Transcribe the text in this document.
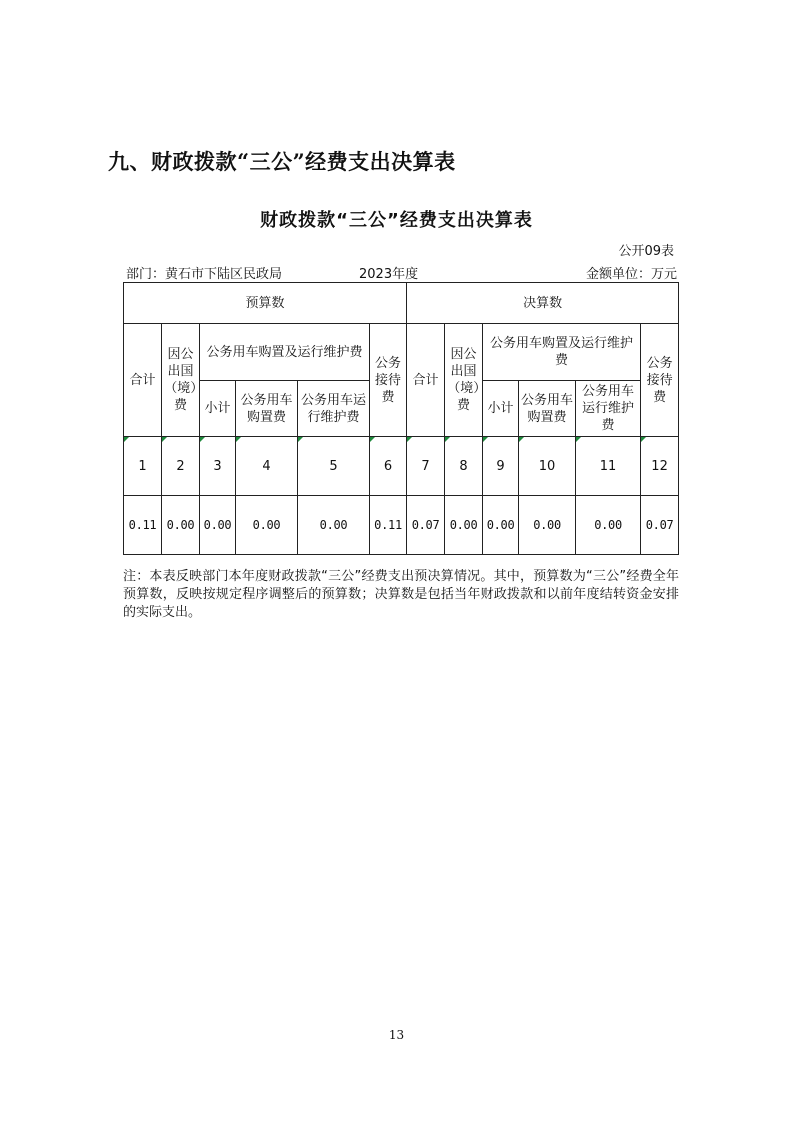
九、财政拨款“三公”经费支出决算表
财政拨款“三公”经费支出决算表
公开09表
部门：黄石市下陆区民政局	2023年度	金额单位：万元
预算数						决算数					
合计	因公出国（境）费	公务用车购置及运行维护费			公务接待费	合计	因公出国（境）费	公务用车购置及运行维护费			公务接待费
		小计	公务用车购置费	公务用车运行维护费				小计	公务用车购置费	公务用车运行维护费	

1	2	3	4	5	6	7	8	9	10	11	12
0.11	0.00	0.00	0.00	0.00	0.11	0.07	0.00	0.00	0.00	0.00	0.07
注：本表反映部门本年度财政拨款“三公”经费支出预决算情况。其中，预算数为“三公”经费全年预算数，反映按规定程序调整后的预算数；决算数是包括当年财政拨款和以前年度结转资金安排的实际支出。
13
